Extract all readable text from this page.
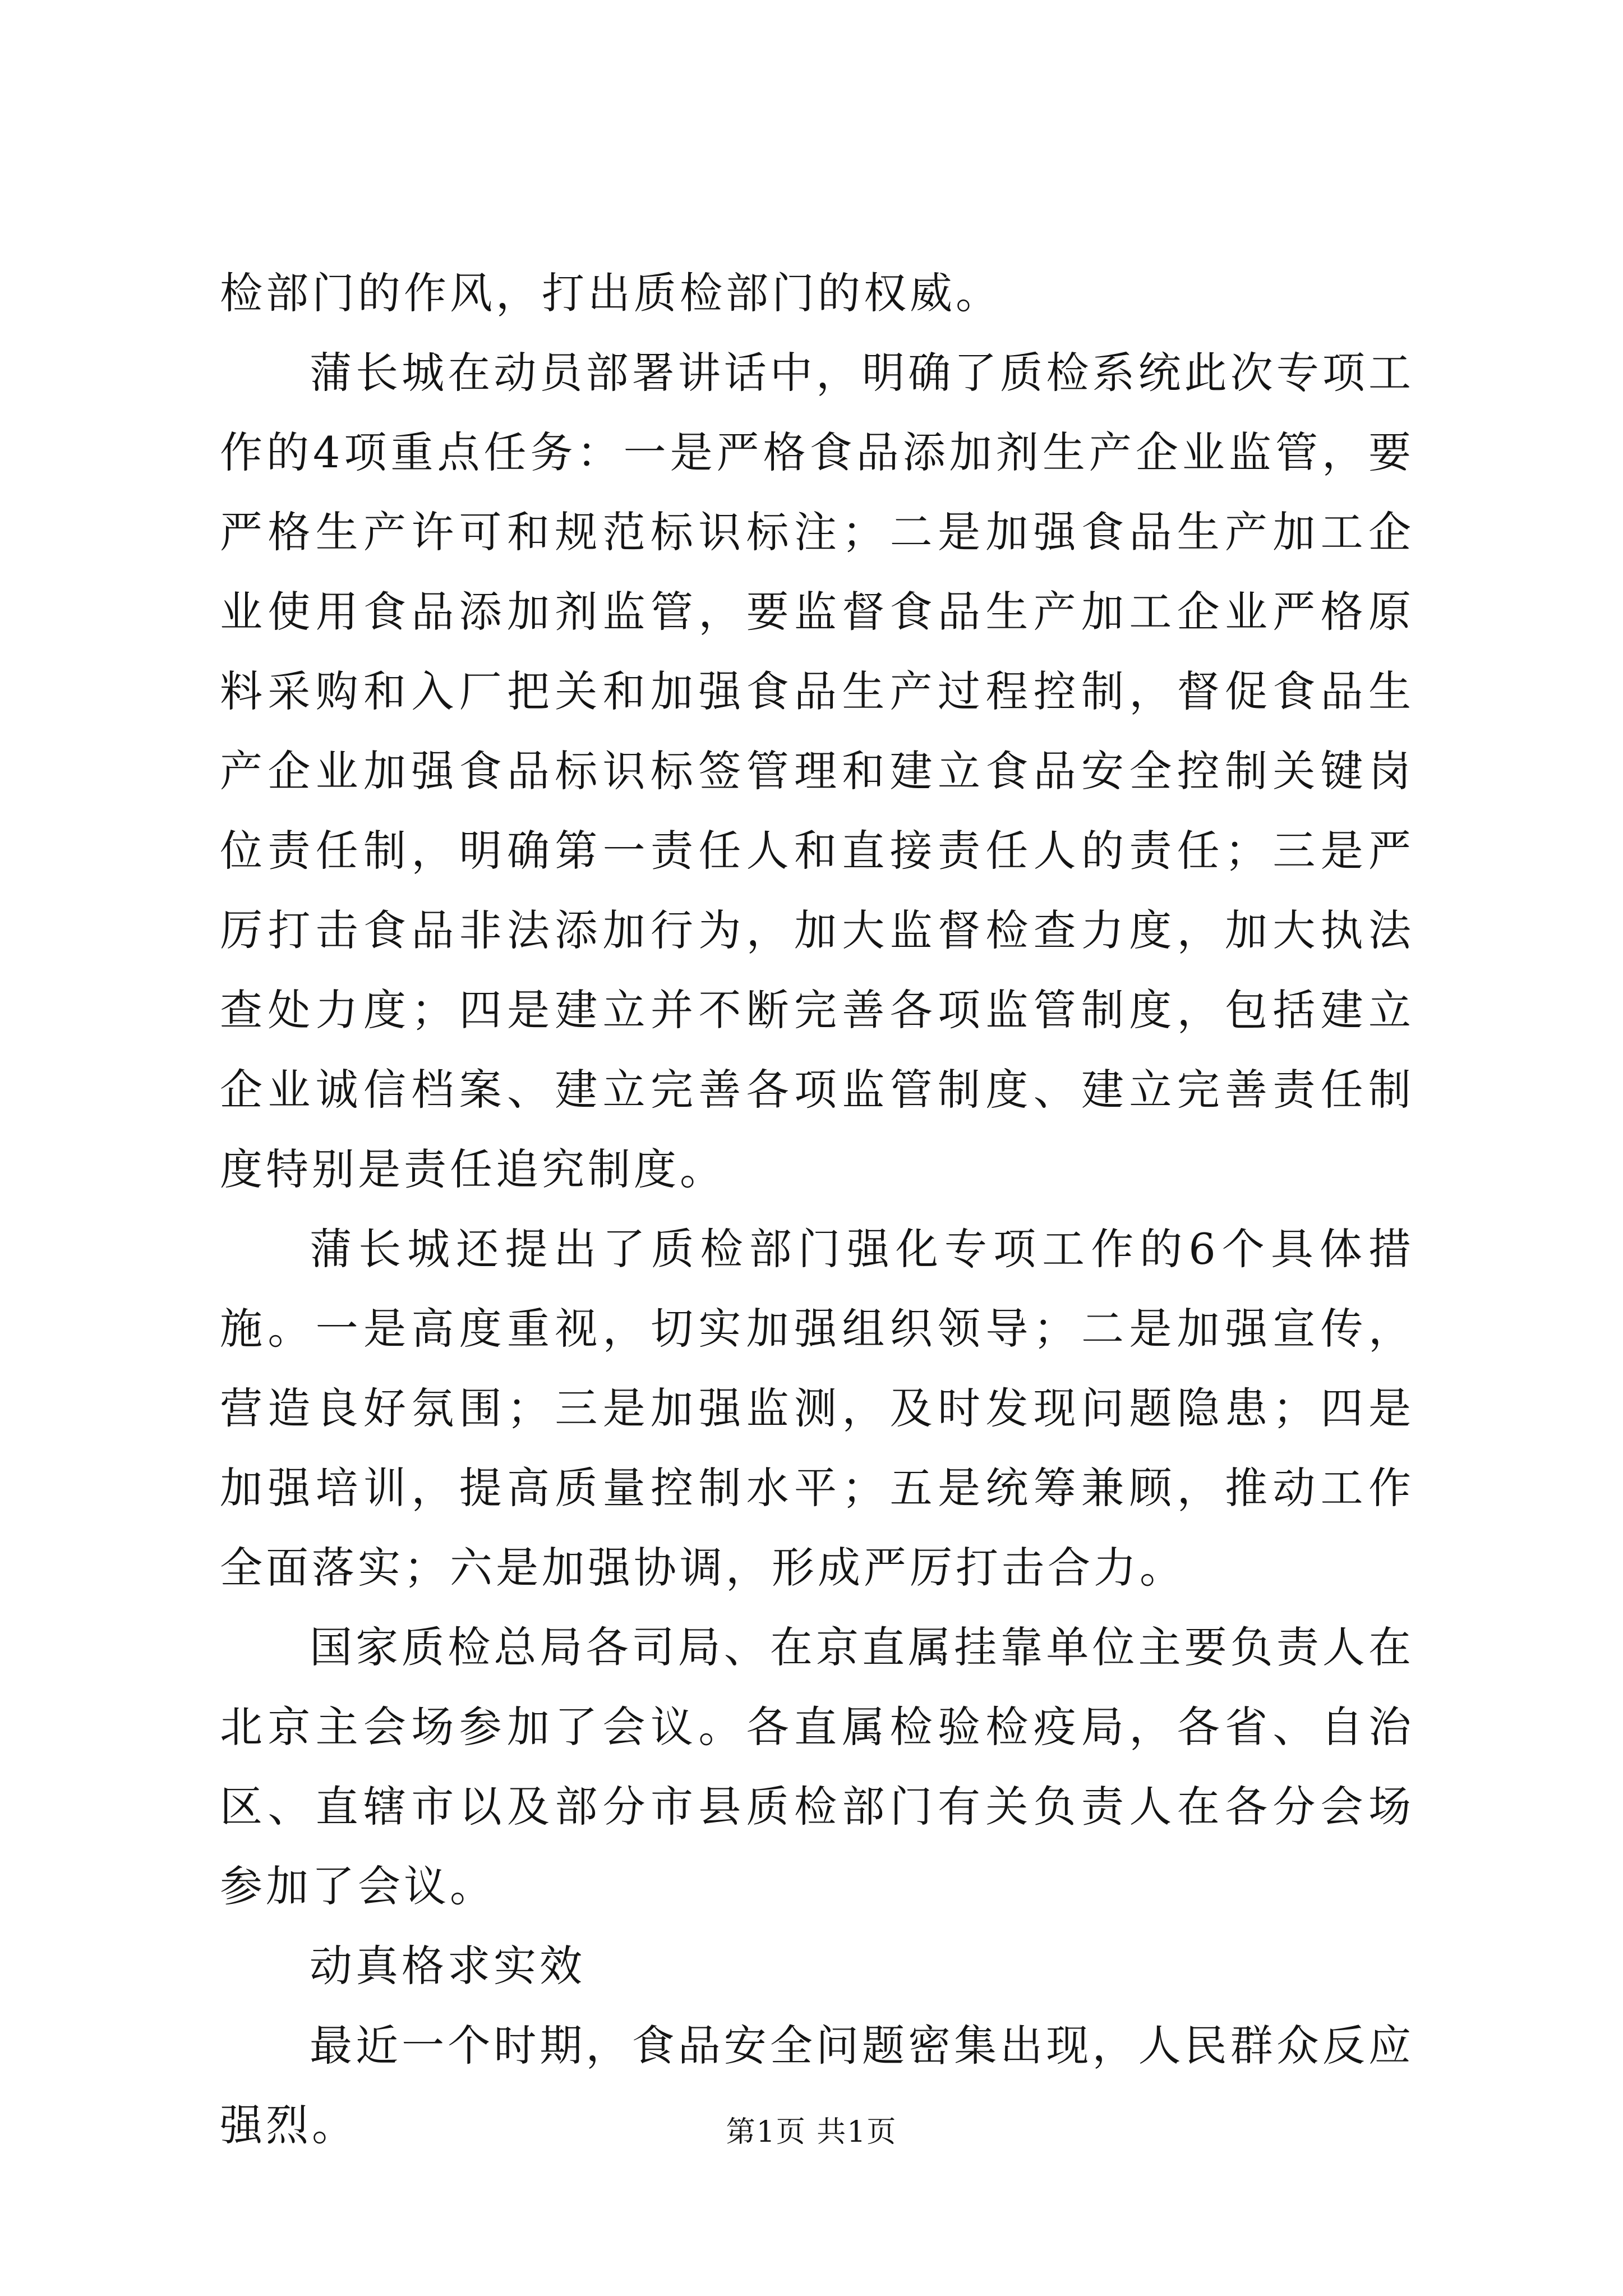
检部门的作风，打出质检部门的权威。

蒲长城在动员部署讲话中，明确了质检系统此次专项工作的4项重点任务：一是严格食品添加剂生产企业监管，要严格生产许可和规范标识标注；二是加强食品生产加工企业使用食品添加剂监管，要监督食品生产加工企业严格原料采购和入厂把关和加强食品生产过程控制，督促食品生产企业加强食品标识标签管理和建立食品安全控制关键岗位责任制，明确第一责任人和直接责任人的责任；三是严厉打击食品非法添加行为，加大监督检查力度，加大执法查处力度；四是建立并不断完善各项监管制度，包括建立企业诚信档案、建立完善各项监管制度、建立完善责任制度特别是责任追究制度。

蒲长城还提出了质检部门强化专项工作的6个具体措施。一是高度重视，切实加强组织领导；二是加强宣传，营造良好氛围；三是加强监测，及时发现问题隐患；四是加强培训，提高质量控制水平；五是统筹兼顾，推动工作全面落实；六是加强协调，形成严厉打击合力。

国家质检总局各司局、在京直属挂靠单位主要负责人在北京主会场参加了会议。各直属检验检疫局，各省、自治区、直辖市以及部分市县质检部门有关负责人在各分会场参加了会议。

动真格求实效

最近一个时期，食品安全问题密集出现，人民群众反应强烈。	第1页 共1页
